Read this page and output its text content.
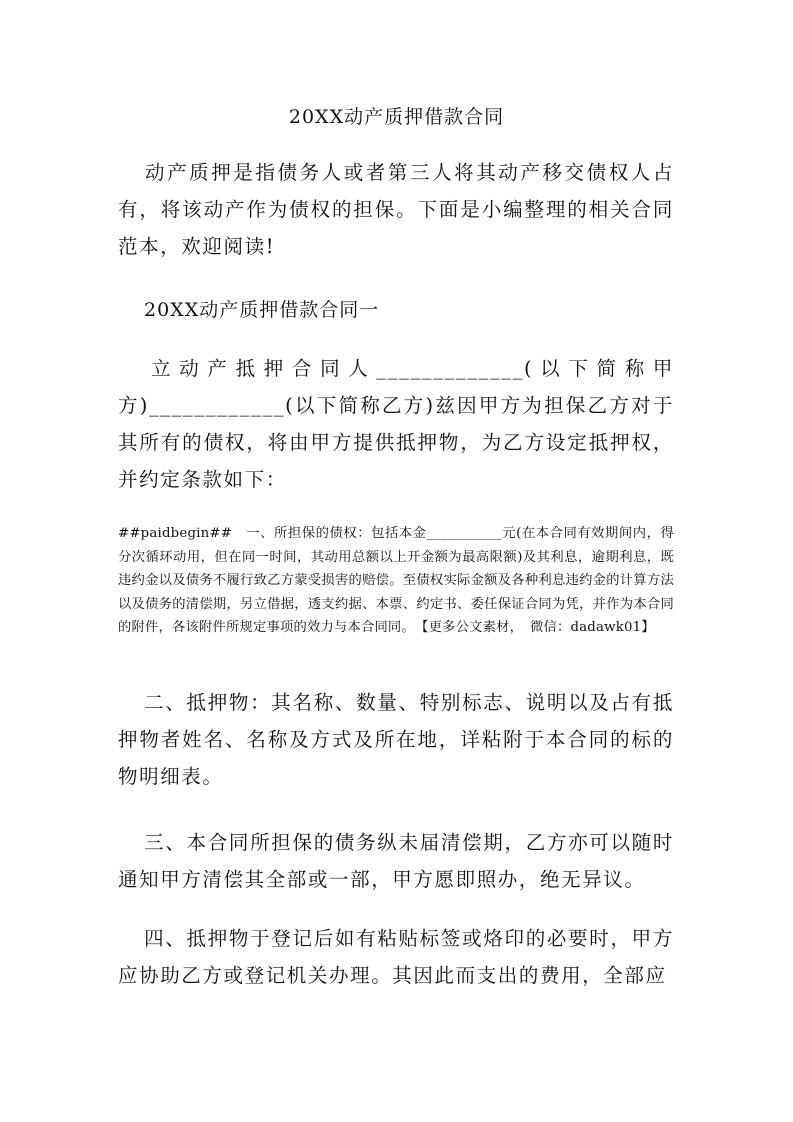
20XX动产质押借款合同
动产质押是指债务人或者第三人将其动产移交债权人占有，将该动产作为债权的担保。下面是小编整理的相关合同范本，欢迎阅读!
20XX动产质押借款合同一
立动产抵押合同人_____________(以下简称甲方)____________(以下简称乙方)兹因甲方为担保乙方对于其所有的债权，将由甲方提供抵押物，为乙方设定抵押权，并约定条款如下：
##paidbegin##　一、所担保的债权：包括本金___________元(在本合同有效期间内，得分次循环动用，但在同一时间，其动用总额以上开金额为最高限额)及其利息，逾期利息，既违约金以及债务不履行致乙方蒙受损害的赔偿。至债权实际金额及各种利息违约金的计算方法以及债务的清偿期，另立借据，透支约据、本票、约定书、委任保证合同为凭，并作为本合同的附件，各该附件所规定事项的效力与本合同同。　【更多公文素材，　微信：dadawk01】
二、抵押物：其名称、数量、特别标志、说明以及占有抵押物者姓名、名称及方式及所在地，详粘附于本合同的标的物明细表。
三、本合同所担保的债务纵未届清偿期，乙方亦可以随时通知甲方清偿其全部或一部，甲方愿即照办，绝无异议。
四、抵押物于登记后如有粘贴标签或烙印的必要时，甲方应协助乙方或登记机关办理。其因此而支出的费用，全部应
